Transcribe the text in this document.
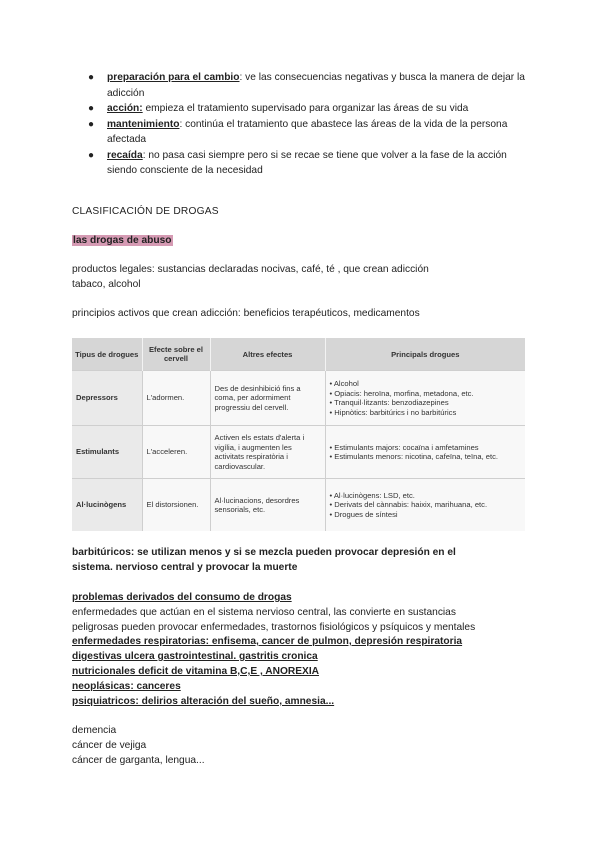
● preparación para el cambio: ve las consecuencias negativas y busca la manera de dejar la adicción
● acción: empieza el tratamiento supervisado para organizar las áreas de su vida
● mantenimiento: continúa el tratamiento que abastece las áreas de la vida de la persona afectada
● recaída: no pasa casi siempre pero si se recae se tiene que volver a la fase de la acción siendo consciente de la necesidad
CLASIFICACIÓN DE DROGAS
las drogas de abuso
productos legales: sustancias declaradas nocivas, café, té , que crean adicción
tabaco, alcohol
principios activos que crean adicción: beneficios terapéuticos, medicamentos
Tipus de drogues	Efecte sobre el cervell	Altres efectes	Principals drogues
Depressors	L'adormen.	Des de desinhibició fins a coma, per adormiment progressiu del cervell.	• Alcohol
• Opiacis: heroïna, morfina, metadona, etc.
• Tranquil·litzants: benzodiazepines
• Hipnòtics: barbitúrics i no barbitúrics

Estimulants	L'acceleren.	Activen els estats d'alerta i vigília, i augmenten les activitats respiratòria i cardiovascular.	• Estimulants majors: cocaïna i amfetamines
• Estimulants menors: nicotina, cafeïna, teïna, etc.

Al·lucinògens	El distorsionen.	Al·lucinacions, desordres sensorials, etc.	• Al·lucinògens: LSD, etc.
• Derivats del cànnabis: haixix, marihuana, etc.
• Drogues de síntesi
barbitúricos: se utilizan menos y si se mezcla pueden provocar depresión en el
sistema. nervioso central y provocar la muerte
problemas derivados del consumo de drogas
enfermedades que actúan en el sistema nervioso central, las convierte en sustancias
peligrosas pueden provocar enfermedades, trastornos fisiológicos y psíquicos y mentales
enfermedades respiratorias: enfisema, cancer de pulmon, depresión respiratoria
digestivas ulcera gastrointestinal. gastritis cronica
nutricionales deficit de vitamina B,C,E , ANOREXIA
neoplásicas: canceres
psiquiatricos: delirios alteración del sueño, amnesia...
demencia
cáncer de vejiga
cáncer de garganta, lengua...
